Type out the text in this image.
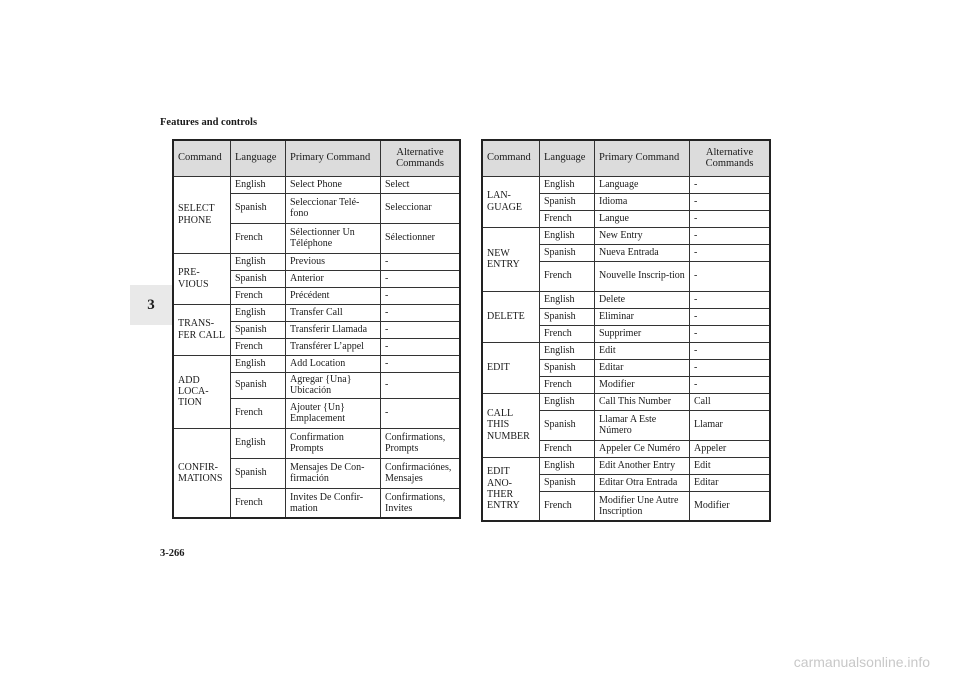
Features and controls
3
Command	Language	Primary Command	Alternative
Commands
SELECT PHONE	English	Select Phone	Select
	Spanish	Seleccionar Telé-fono	Seleccionar
	French	Sélectionner Un Téléphone	Sélectionner
PRE-VIOUS	English	Previous	-
	Spanish	Anterior	-
	French	Précédent	-
TRANS-FER CALL	English	Transfer Call	-
	Spanish	Transferir Llamada	-
	French	Transférer L’appel	-
ADD LOCA-TION	English	Add Location	-
	Spanish	Agregar {Una} Ubicación	-
	French	Ajouter {Un} Emplacement	-
CONFIR-MATIONS	English	Confirmation Prompts	Confirmations, Prompts
	Spanish	Mensajes De Con-firmación	Confirmaciónes, Mensajes
	French	Invites De Confir-mation	Confirmations, Invites
Command	Language	Primary Command	Alternative
Commands
LAN-GUAGE	English	Language	-
	Spanish	Idioma	-
	French	Langue	-
NEW ENTRY	English	New Entry	-
	Spanish	Nueva Entrada	-
	French	Nouvelle Inscrip-tion	-
DELETE	English	Delete	-
	Spanish	Eliminar	-
	French	Supprimer	-
EDIT	English	Edit	-
	Spanish	Editar	-
	French	Modifier	-
CALL THIS NUMBER	English	Call This Number	Call
	Spanish	Llamar A Este Número	Llamar
	French	Appeler Ce Numéro	Appeler
EDIT ANO-THER ENTRY	English	Edit Another Entry	Edit
	Spanish	Editar Otra Entrada	Editar
	French	Modifier Une Autre Inscription	Modifier
3-266
carmanualsonline.info
